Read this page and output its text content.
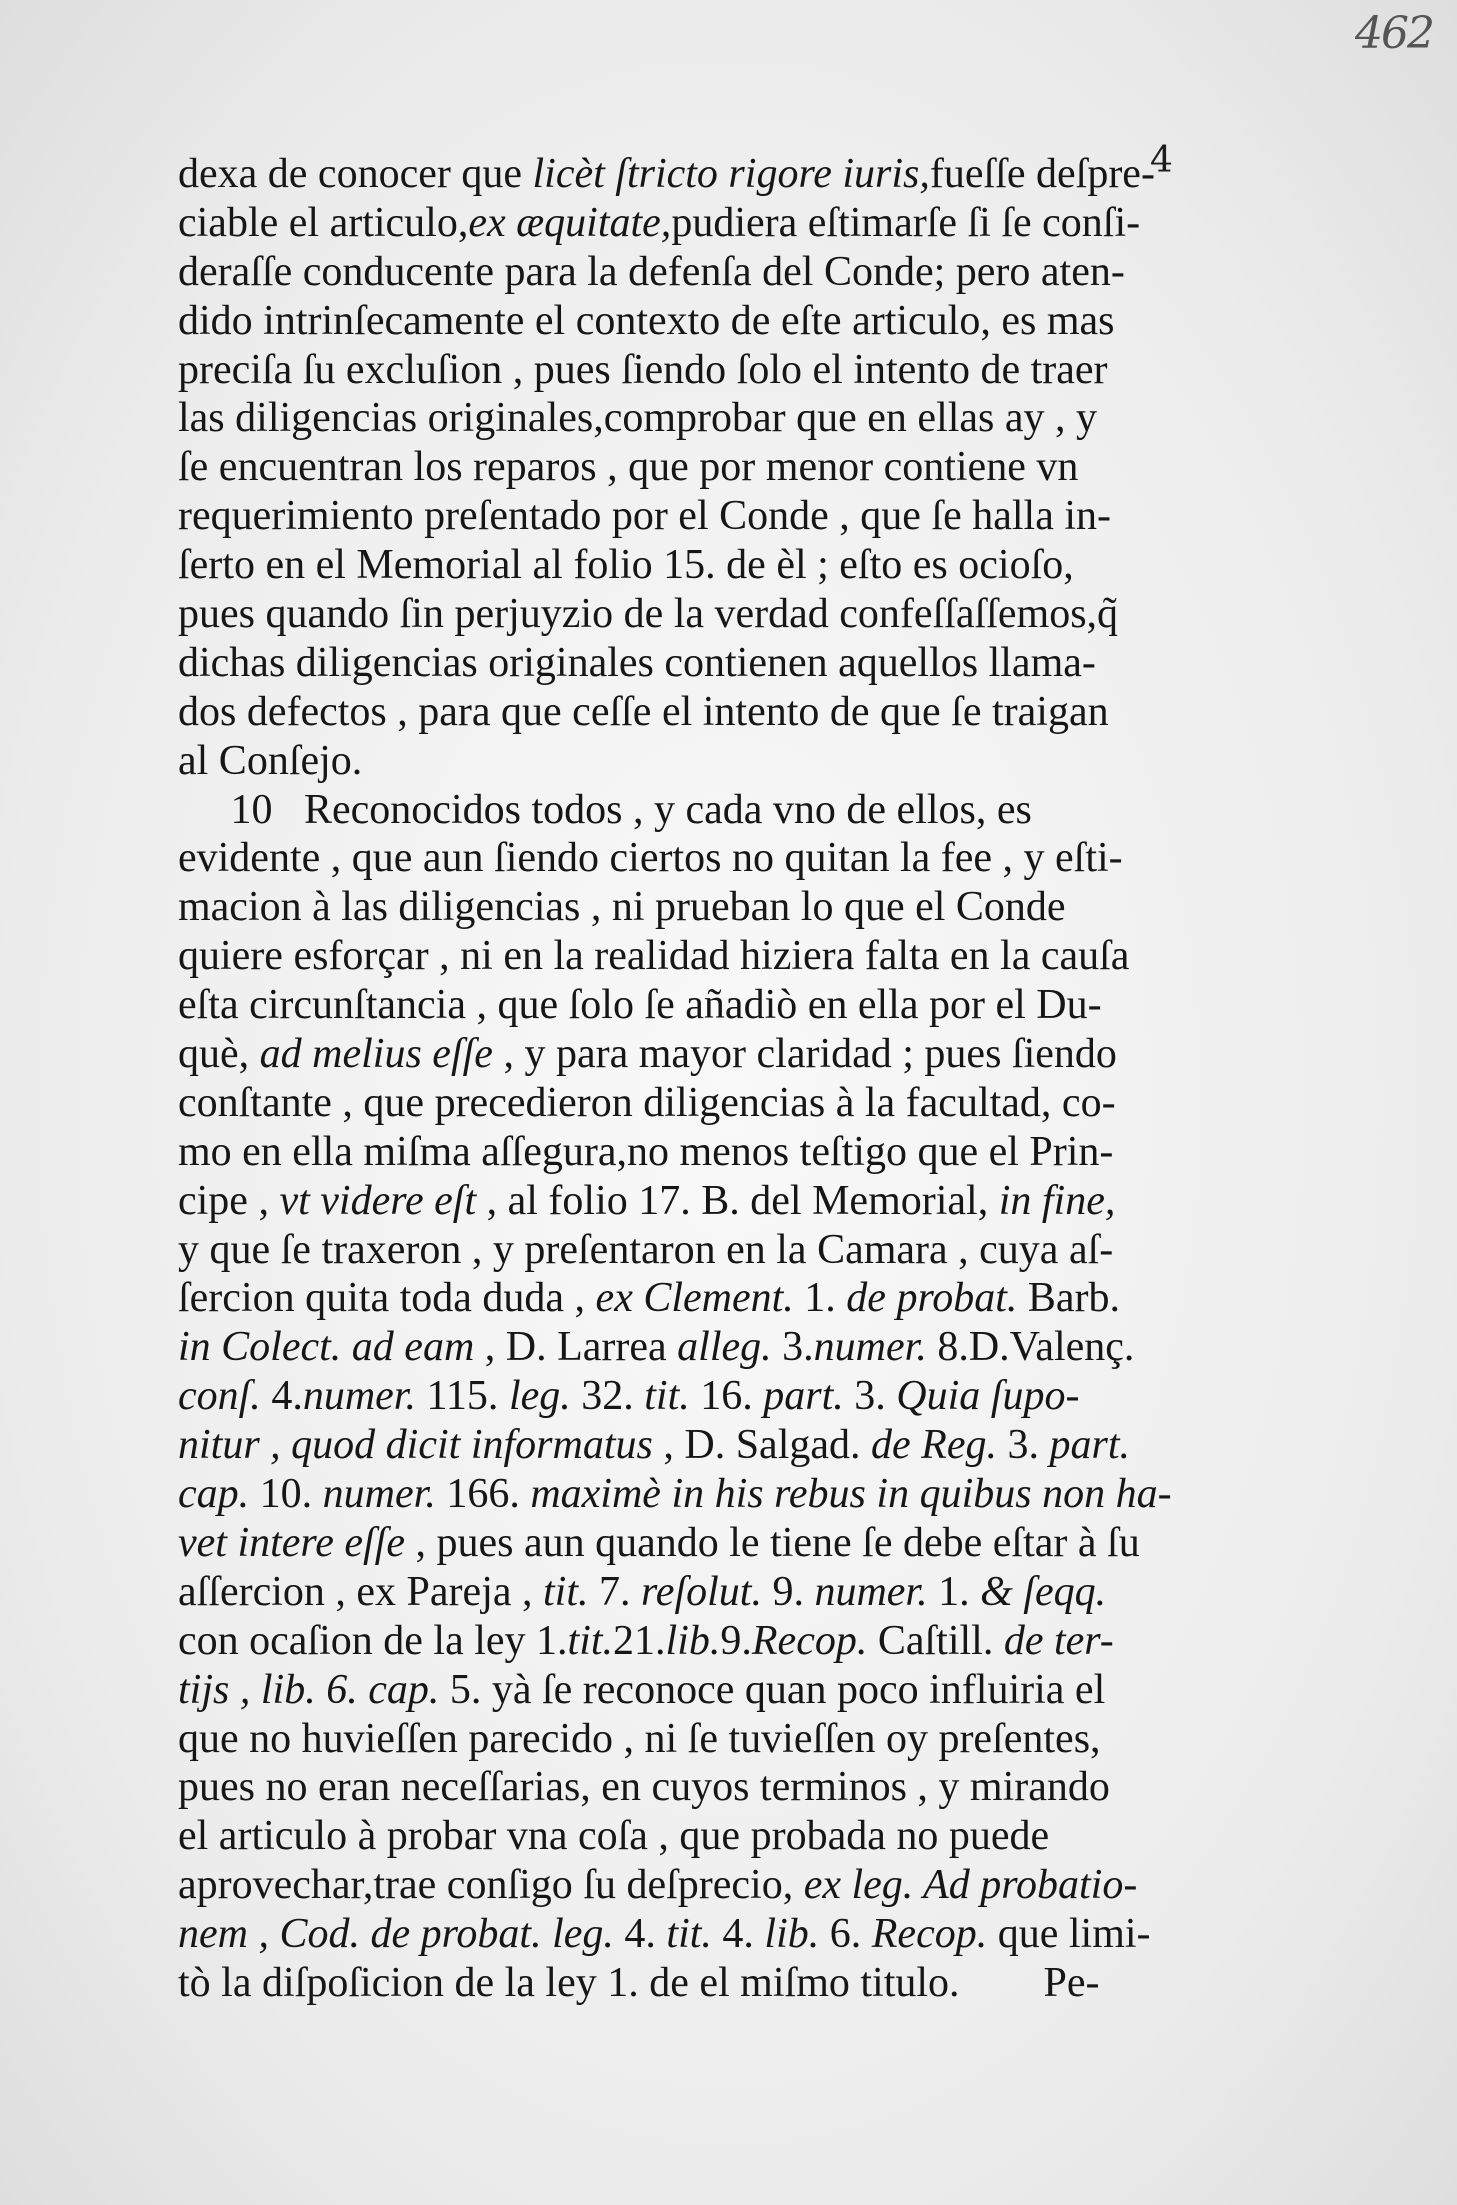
462
4
dexa de conocer que licèt ſtricto rigore iuris, fueſſe deſpre-
ciable el articulo, ex æquitate, pudiera eſtimarſe ſi ſe conſi-
deraſſe conducente para la defenſa del Conde; pero aten-
dido intrinſecamente el contexto de eſte articulo, es mas
preciſa ſu excluſion , pues ſiendo ſolo el intento de traer
las diligencias originales,comprobar que en ellas ay , y
ſe encuentran los reparos , que por menor contiene vn
requerimiento preſentado por el Conde , que ſe halla in-
ſerto en el Memorial al folio 15. de èl ; eſto es ocioſo,
pues quando ſin perjuyzio de la verdad confeſſaſſemos,q̃
dichas diligencias originales contienen aquellos llama-
dos defectos , para que ceſſe el intento de que ſe traigan
al Conſejo.
10   Reconocidos todos , y cada vno de ellos, es
evidente , que aun ſiendo ciertos no quitan la fee , y eſti-
macion à las diligencias , ni prueban lo que el Conde
quiere esforçar , ni en la realidad hiziera falta en la cauſa
eſta circunſtancia , que ſolo ſe añadiò en ella por el Du-
què, ad melius eſſe , y para mayor claridad ; pues ſiendo
conſtante , que precedieron diligencias à la facultad, co-
mo en ella miſma aſſegura,no menos teſtigo que el Prin-
cipe , vt videre eſt , al folio 17. B. del Memorial, in fine,
y que ſe traxeron , y preſentaron en la Camara , cuya aſ-
ſercion quita toda duda , ex Clement. 1. de probat. Barb.
in Colect. ad eam , D. Larrea alleg. 3. numer. 8.D.Valenç.
conſ. 4. numer. 115. leg. 32. tit. 16. part. 3. Quia ſupo-
nitur , quod dicit informatus , D. Salgad. de Reg. 3. part.
cap. 10. numer. 166. maximè in his rebus in quibus non ha-
vet intere eſſe , pues aun quando le tiene ſe debe eſtar à ſu
aſſercion , ex Pareja , tit. 7. reſolut. 9. numer. 1. & ſeqq.
con ocaſion de la ley 1. tit. 21. lib. 9. Recop. Caſtill. de ter-
tijs , lib. 6. cap. 5. yà ſe reconoce quan poco influiria el
que no huvieſſen parecido , ni ſe tuvieſſen oy preſentes,
pues no eran neceſſarias, en cuyos terminos , y mirando
el articulo à probar vna coſa , que probada no puede
aprovechar,trae conſigo ſu deſprecio, ex leg. Ad probatio-
nem , Cod. de probat. leg. 4. tit. 4. lib. 6. Recop. que limi-
tò la diſpoſicion de la ley 1. de el miſmo titulo.        Pe-
